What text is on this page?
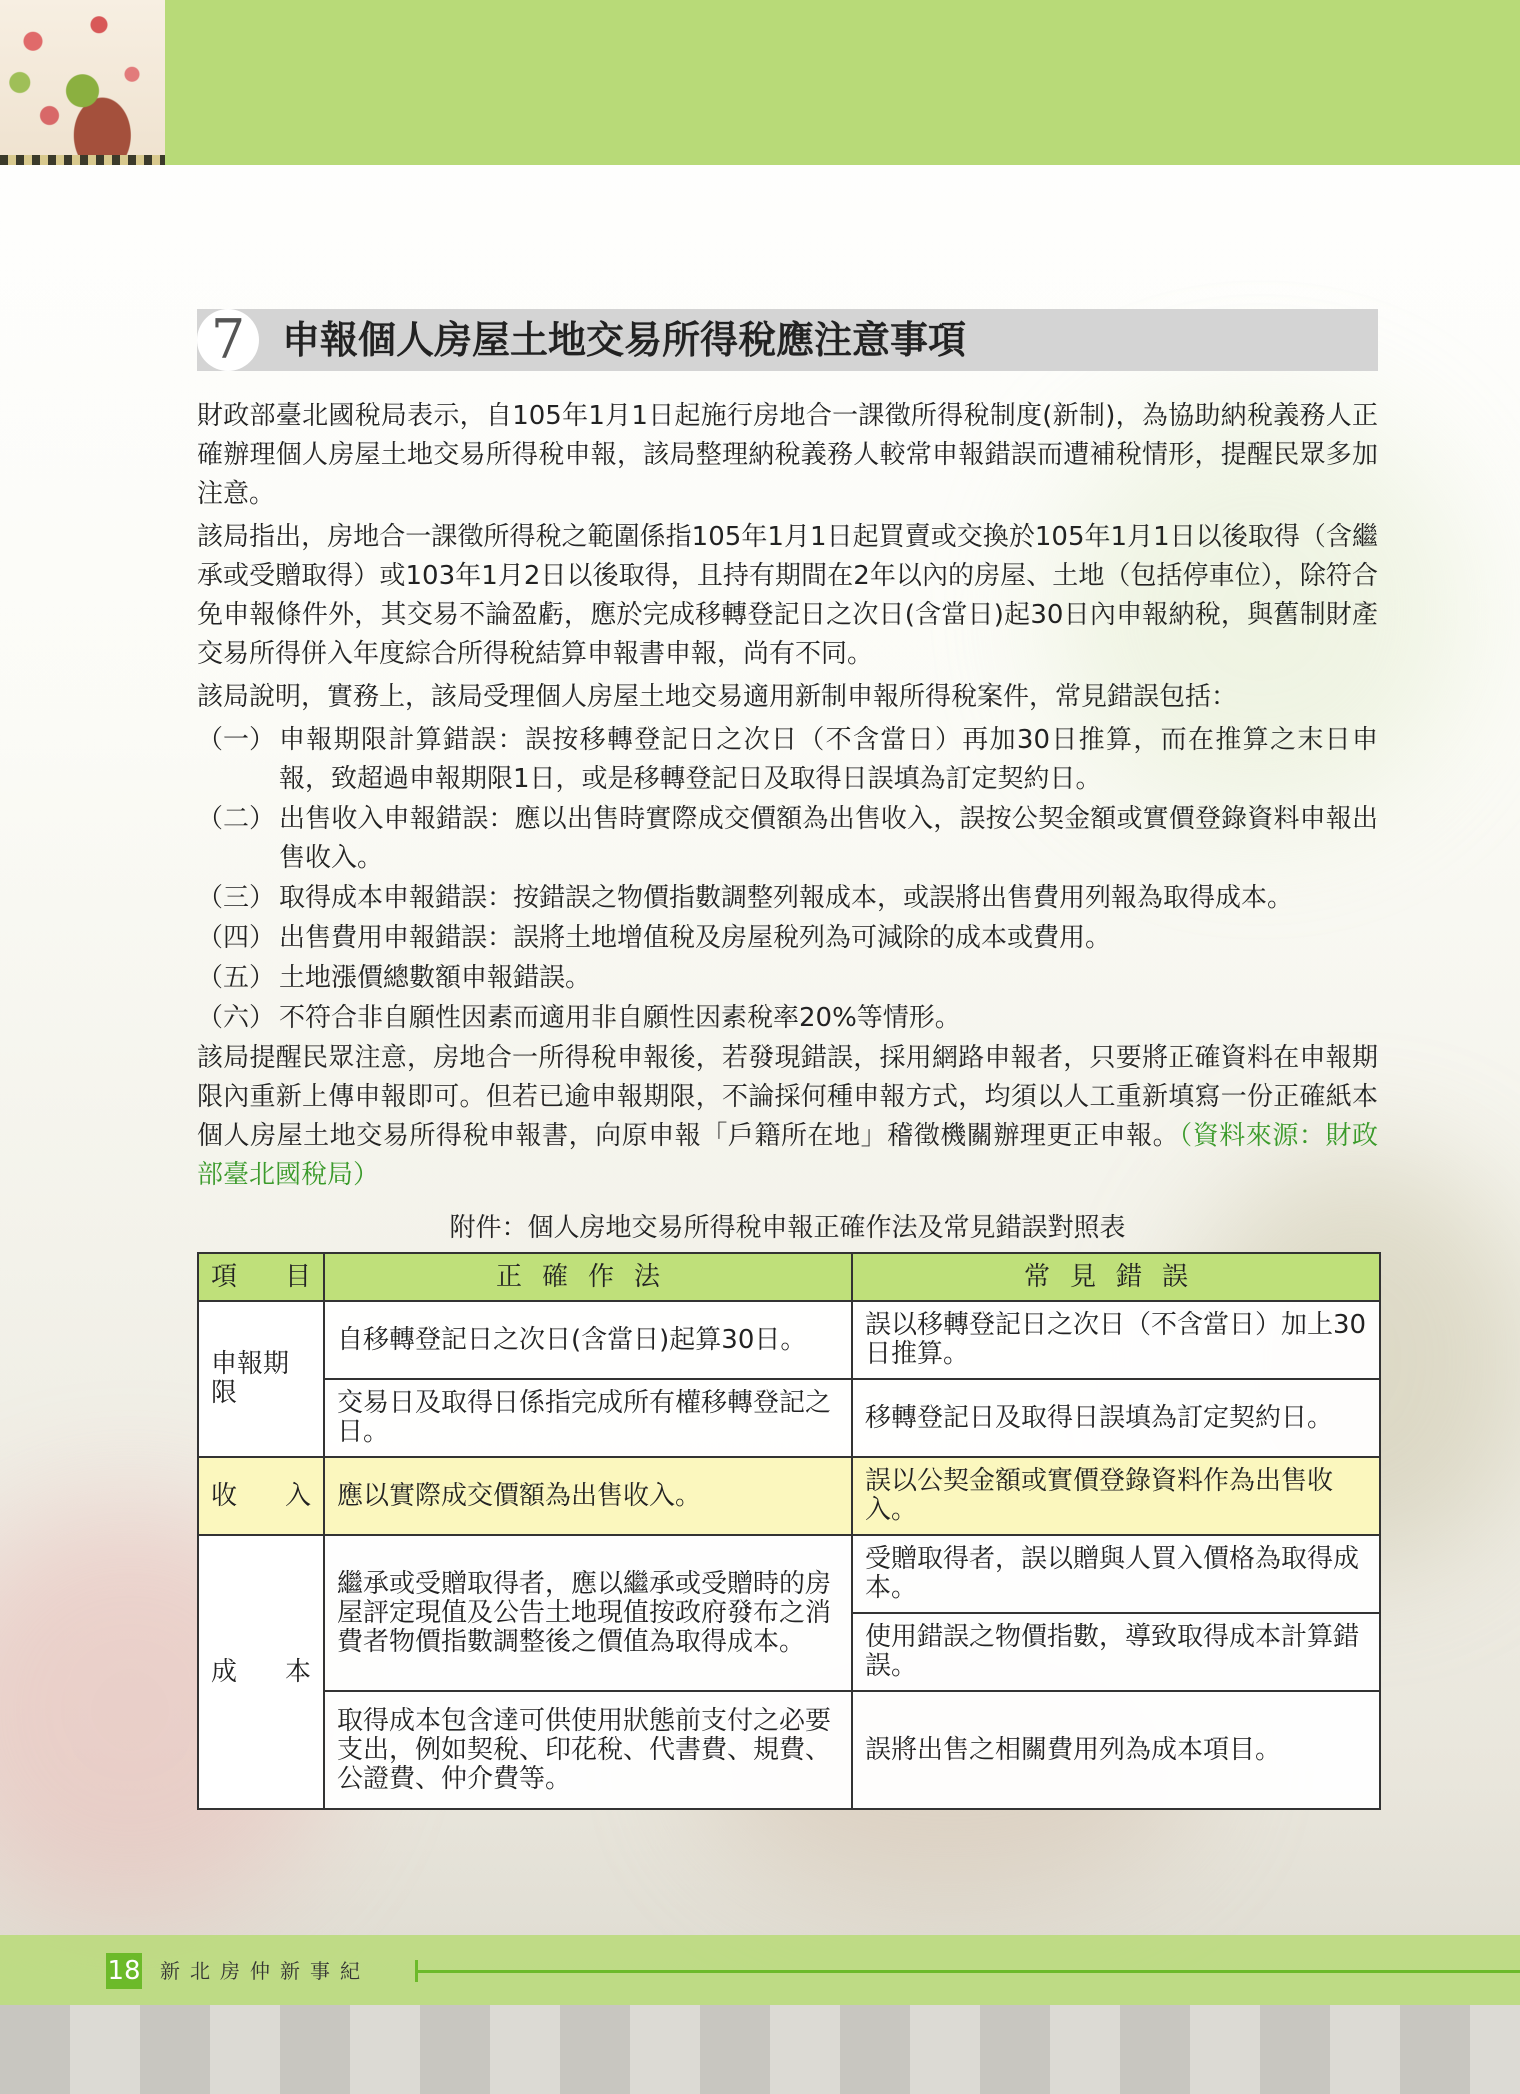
7 申報個人房屋土地交易所得稅應注意事項

財政部臺北國稅局表示，自105年1月1日起施行房地合一課徵所得稅制度(新制)，為協助納稅義務人正確辦理個人房屋土地交易所得稅申報，該局整理納稅義務人較常申報錯誤而遭補稅情形，提醒民眾多加注意。

該局指出，房地合一課徵所得稅之範圍係指105年1月1日起買賣或交換於105年1月1日以後取得（含繼承或受贈取得）或103年1月2日以後取得，且持有期間在2年以內的房屋、土地（包括停車位），除符合免申報條件外，其交易不論盈虧，應於完成移轉登記日之次日(含當日)起30日內申報納稅，與舊制財產交易所得併入年度綜合所得稅結算申報書申報，尚有不同。

該局說明，實務上，該局受理個人房屋土地交易適用新制申報所得稅案件，常見錯誤包括：

（一） 申報期限計算錯誤：誤按移轉登記日之次日（不含當日）再加30日推算，而在推算之末日申報，致超過申報期限1日，或是移轉登記日及取得日誤填為訂定契約日。
（二） 出售收入申報錯誤：應以出售時實際成交價額為出售收入，誤按公契金額或實價登錄資料申報出售收入。
（三） 取得成本申報錯誤：按錯誤之物價指數調整列報成本，或誤將出售費用列報為取得成本。
（四） 出售費用申報錯誤：誤將土地增值稅及房屋稅列為可減除的成本或費用。
（五） 土地漲價總數額申報錯誤。
（六） 不符合非自願性因素而適用非自願性因素稅率20%等情形。

該局提醒民眾注意，房地合一所得稅申報後，若發現錯誤，採用網路申報者，只要將正確資料在申報期限內重新上傳申報即可。但若已逾申報期限，不論採何種申報方式，均須以人工重新填寫一份正確紙本個人房屋土地交易所得稅申報書，向原申報「戶籍所在地」稽徵機關辦理更正申報。（資料來源：財政部臺北國稅局）

附件：個人房地交易所得稅申報正確作法及常見錯誤對照表
項目	正確作法	常見錯誤
申報期限	自移轉登記日之次日(含當日)起算30日。	誤以移轉登記日之次日（不含當日）加上30日推算。
	交易日及取得日係指完成所有權移轉登記之日。	移轉登記日及取得日誤填為訂定契約日。

收 入	應以實際成交價額為出售收入。	誤以公契金額或實價登錄資料作為出售收入。

成 本	繼承或受贈取得者，應以繼承或受贈時的房屋評定現值及公告土地現值按政府發布之消費者物價指數調整後之價值為取得成本。	受贈取得者，誤以贈與人買入價格為取得成本。
		使用錯誤之物價指數，導致取得成本計算錯誤。
	取得成本包含達可供使用狀態前支付之必要支出，例如契稅、印花稅、代書費、規費、公證費、仲介費等。	誤將出售之相關費用列為成本項目。
18 新北房仲新事紀
